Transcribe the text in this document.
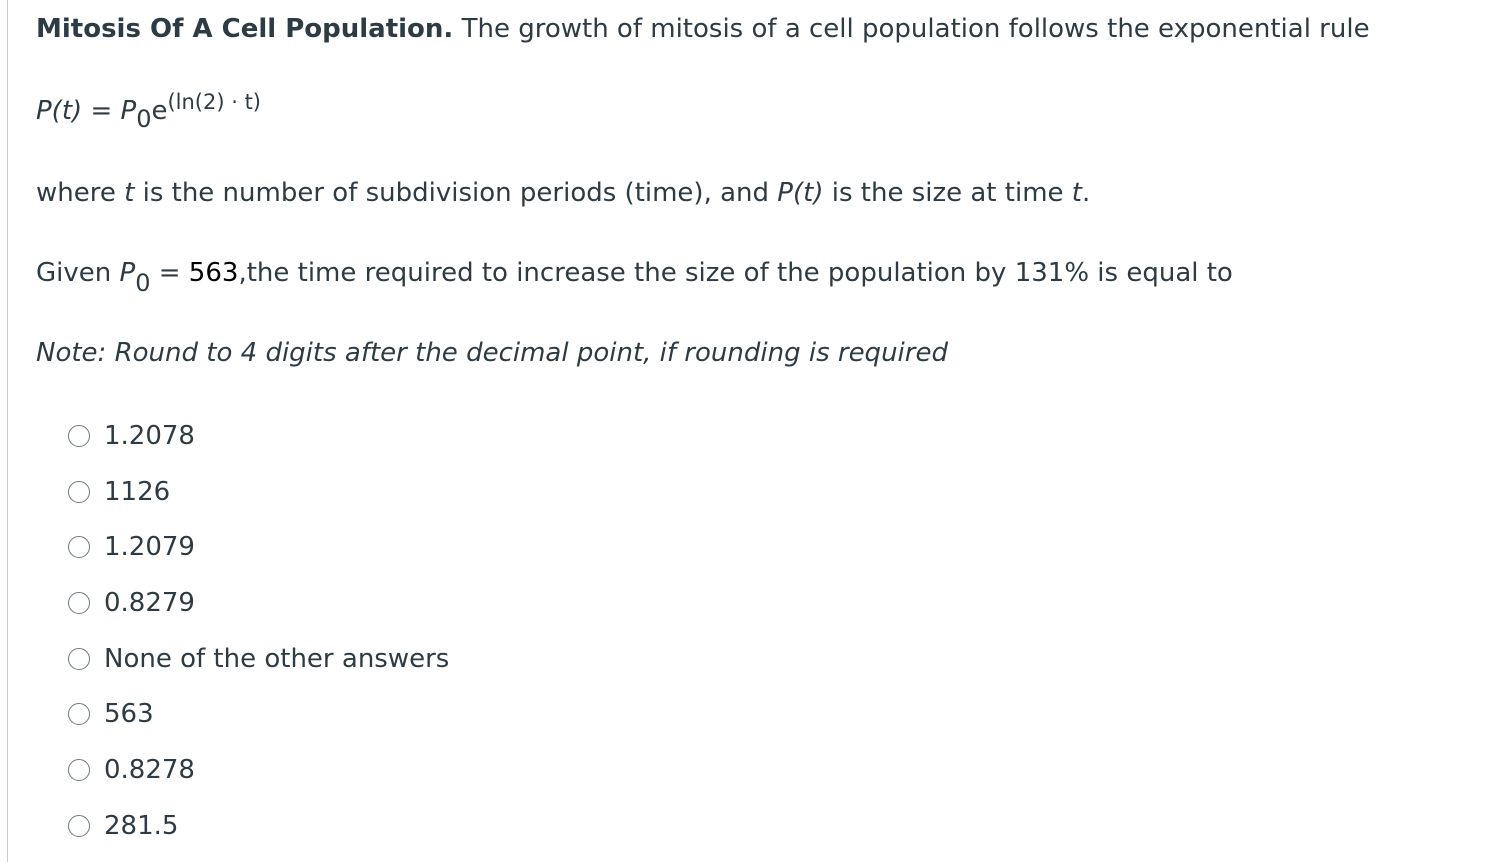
Mitosis Of A Cell Population. The growth of mitosis of a cell population follows the exponential rule
$P(t) = P_0e^{(ln(2) \cdot t)}$
where t is the number of subdivision periods (time), and P(t) is the size at time t.
Given $P_0 = 563,the$ time required to increase the size of the population by 131% is equal to
Note: Round to 4 digits after the decimal point, if rounding is required
1.2078
1126
1.2079
0.8279
None of the other answers
563
0.8278
281.5
